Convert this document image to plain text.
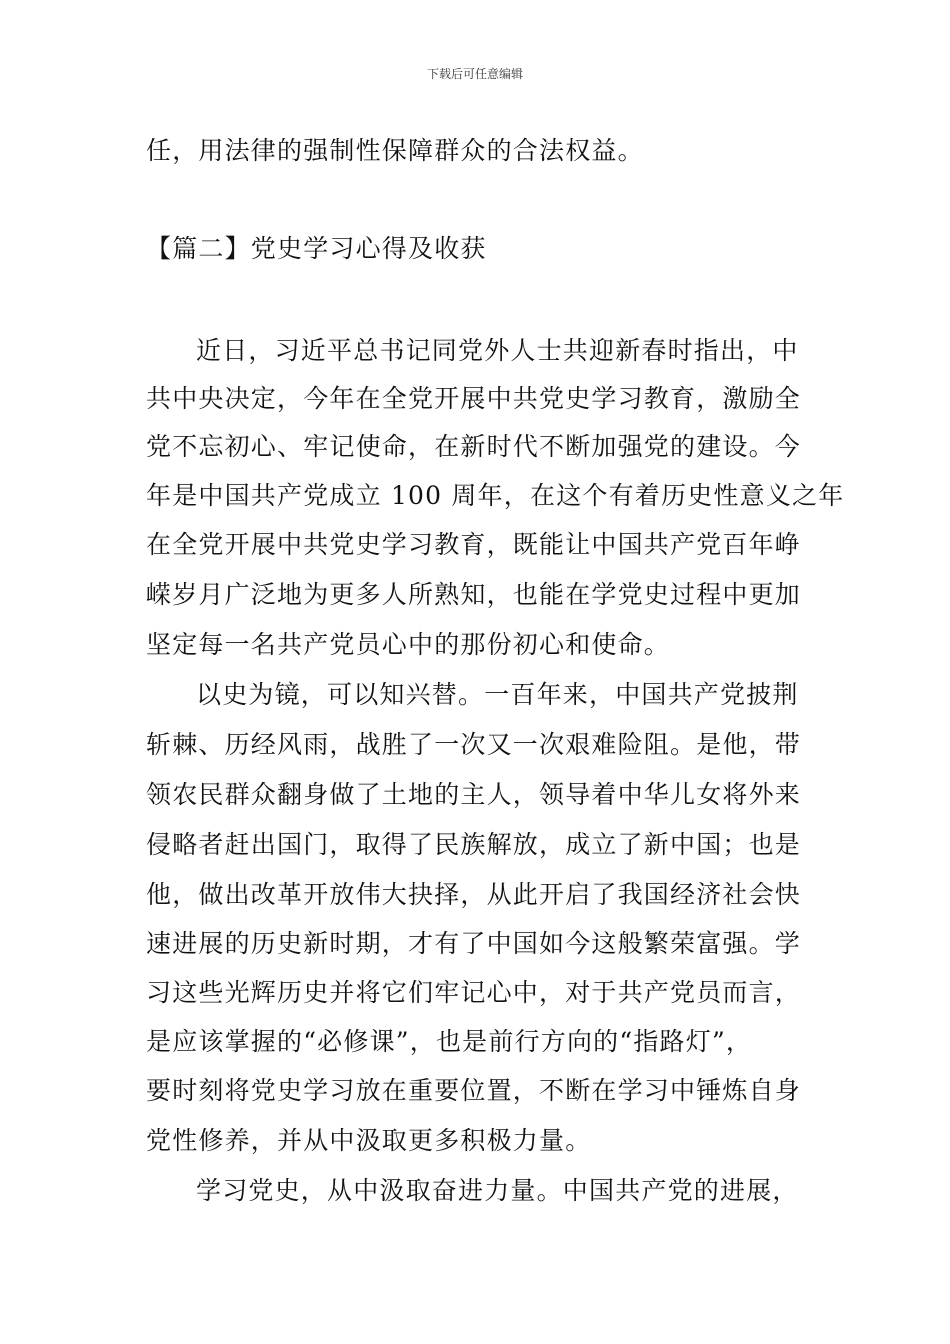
下载后可任意编辑
任，用法律的强制性保障群众的合法权益。
【篇二】党史学习心得及收获
近日，习近平总书记同党外人士共迎新春时指出，中
共中央决定，今年在全党开展中共党史学习教育，激励全
党不忘初心、牢记使命，在新时代不断加强党的建设。今
年是中国共产党成立 100 周年，在这个有着历史性意义之年
在全党开展中共党史学习教育，既能让中国共产党百年峥
嵘岁月广泛地为更多人所熟知，也能在学党史过程中更加
坚定每一名共产党员心中的那份初心和使命。
以史为镜，可以知兴替。一百年来，中国共产党披荆
斩棘、历经风雨，战胜了一次又一次艰难险阻。是他，带
领农民群众翻身做了土地的主人，领导着中华儿女将外来
侵略者赶出国门，取得了民族解放，成立了新中国；也是
他，做出改革开放伟大抉择，从此开启了我国经济社会快
速进展的历史新时期，才有了中国如今这般繁荣富强。学
习这些光辉历史并将它们牢记心中，对于共产党员而言，
是应该掌握的“必修课”，也是前行方向的“指路灯”，
要时刻将党史学习放在重要位置，不断在学习中锤炼自身
党性修养，并从中汲取更多积极力量。
学习党史，从中汲取奋进力量。中国共产党的进展，
